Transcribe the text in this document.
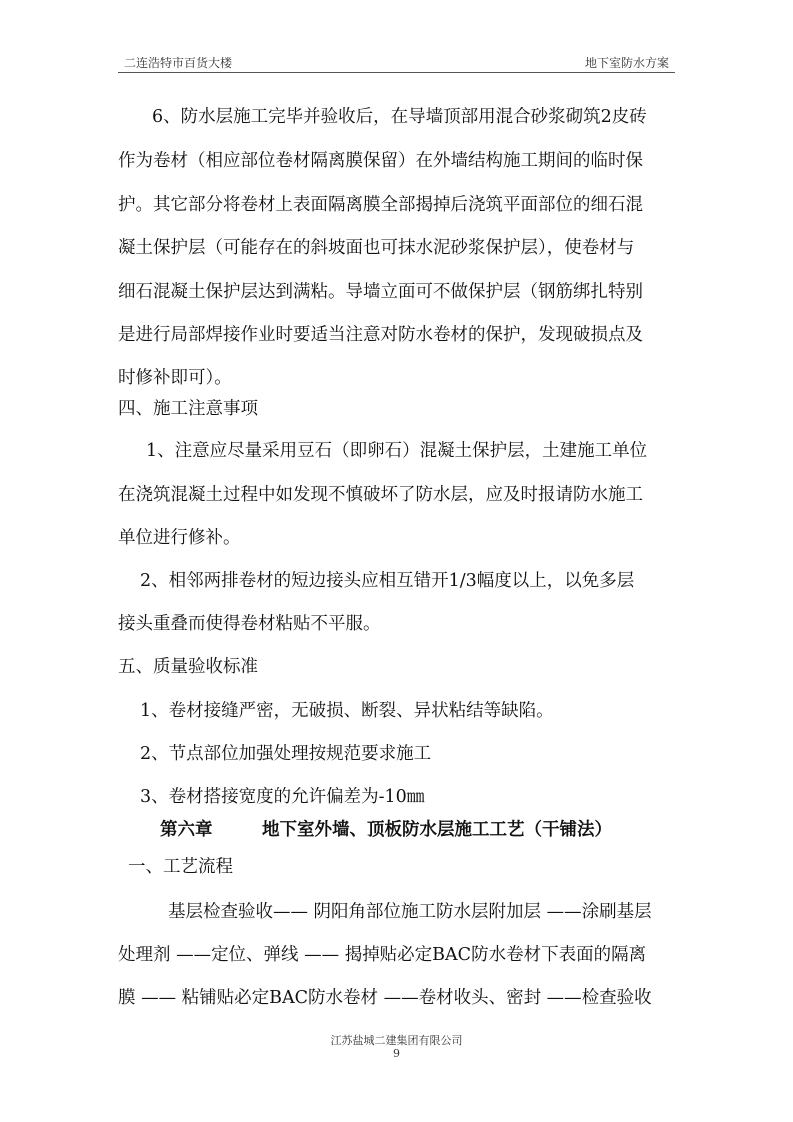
二连浩特市百货大楼	地下室防水方案
6、防水层施工完毕并验收后，在导墙顶部用混合砂浆砌筑2皮砖
作为卷材（相应部位卷材隔离膜保留）在外墙结构施工期间的临时保
护。其它部分将卷材上表面隔离膜全部揭掉后浇筑平面部位的细石混
凝土保护层（可能存在的斜坡面也可抹水泥砂浆保护层），使卷材与
细石混凝土保护层达到满粘。导墙立面可不做保护层（钢筋绑扎特别
是进行局部焊接作业时要适当注意对防水卷材的保护，发现破损点及
时修补即可）。
四、施工注意事项
1、注意应尽量采用豆石（即卵石）混凝土保护层，土建施工单位
在浇筑混凝土过程中如发现不慎破坏了防水层，应及时报请防水施工
单位进行修补。
2、相邻两排卷材的短边接头应相互错开1/3幅度以上，以免多层
接头重叠而使得卷材粘贴不平服。
五、质量验收标准
1、卷材接缝严密，无破损、断裂、异状粘结等缺陷。
2、节点部位加强处理按规范要求施工
3、卷材搭接宽度的允许偏差为-10㎜
第六章	地下室外墙、顶板防水层施工工艺（干铺法）
一、工艺流程
基层检查验收—— 阴阳角部位施工防水层附加层 ——涂刷基层
处理剂 ——定位、弹线 —— 揭掉贴必定BAC防水卷材下表面的隔离
膜 —— 粘铺贴必定BAC防水卷材 ——卷材收头、密封 ——检查验收
江苏盐城二建集团有限公司
9
